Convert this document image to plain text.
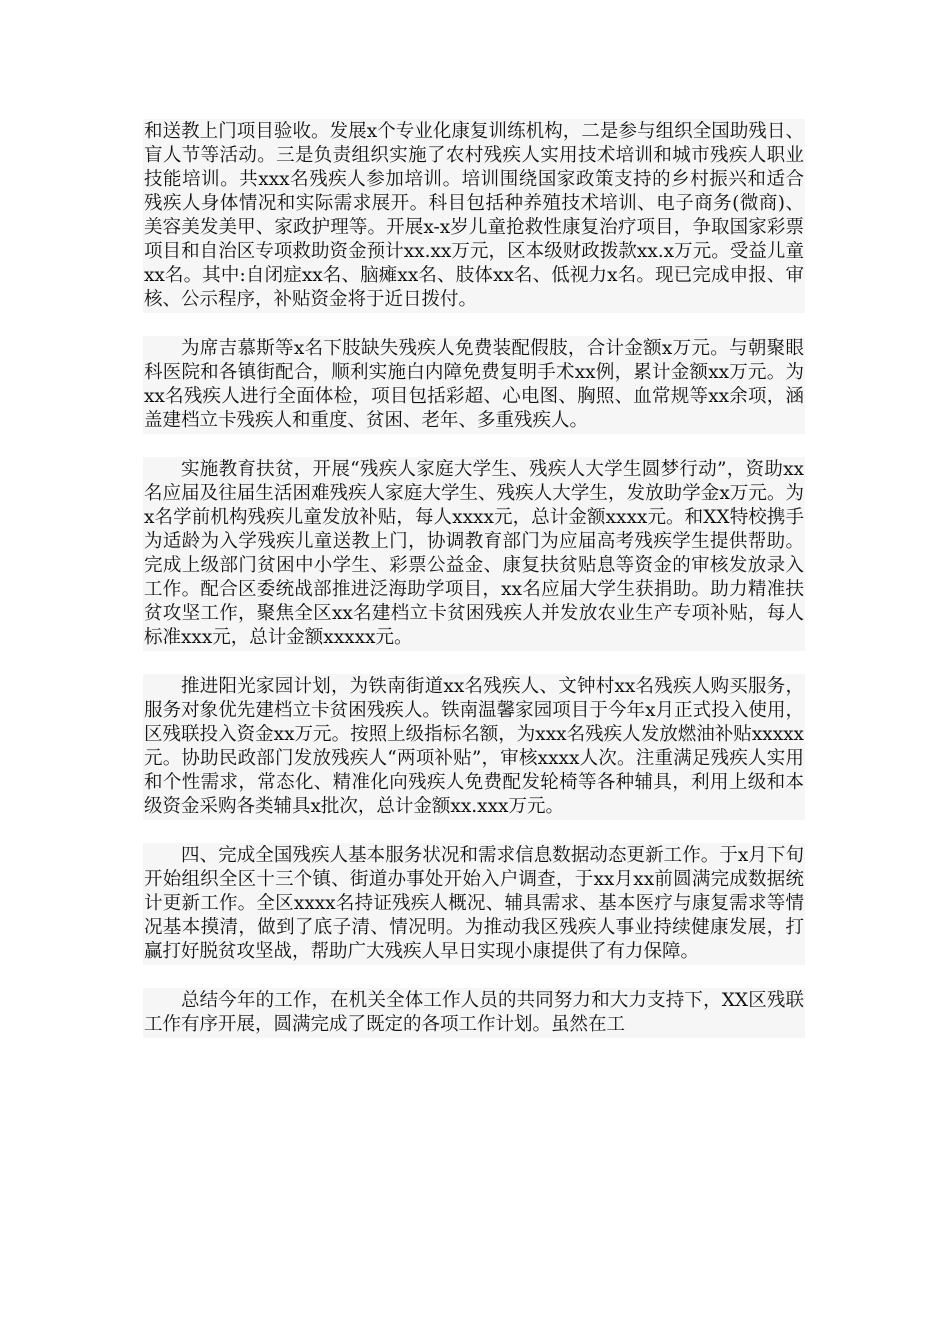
和送教上门项目验收。发展x个专业化康复训练机构，二是参与组织全国助残日、盲人节等活动。三是负责组织实施了农村残疾人实用技术培训和城市残疾人职业技能培训。共xxx名残疾人参加培训。培训围绕国家政策支持的乡村振兴和适合残疾人身体情况和实际需求展开。科目包括种养殖技术培训、电子商务(微商)、美容美发美甲、家政护理等。开展x-x岁儿童抢救性康复治疗项目，争取国家彩票项目和自治区专项救助资金预计xx.xx万元，区本级财政拨款xx.x万元。受益儿童xx名。其中:自闭症xx名、脑瘫xx名、肢体xx名、低视力x名。现已完成申报、审核、公示程序，补贴资金将于近日拨付。

为席吉慕斯等x名下肢缺失残疾人免费装配假肢，合计金额x万元。与朝聚眼科医院和各镇街配合，顺利实施白内障免费复明手术xx例，累计金额xx万元。为xx名残疾人进行全面体检，项目包括彩超、心电图、胸照、血常规等xx余项，涵盖建档立卡残疾人和重度、贫困、老年、多重残疾人。

实施教育扶贫，开展“残疾人家庭大学生、残疾人大学生圆梦行动”，资助xx名应届及往届生活困难残疾人家庭大学生、残疾人大学生，发放助学金x万元。为x名学前机构残疾儿童发放补贴，每人xxxx元，总计金额xxxx元。和XX特校携手为适龄为入学残疾儿童送教上门，协调教育部门为应届高考残疾学生提供帮助。完成上级部门贫困中小学生、彩票公益金、康复扶贫贴息等资金的审核发放录入工作。配合区委统战部推进泛海助学项目，xx名应届大学生获捐助。助力精准扶贫攻坚工作，聚焦全区xx名建档立卡贫困残疾人并发放农业生产专项补贴，每人标准xxx元，总计金额xxxxx元。

推进阳光家园计划，为铁南街道xx名残疾人、文钟村xx名残疾人购买服务，服务对象优先建档立卡贫困残疾人。铁南温馨家园项目于今年x月正式投入使用，区残联投入资金xx万元。按照上级指标名额，为xxx名残疾人发放燃油补贴xxxxx元。协助民政部门发放残疾人“两项补贴”，审核xxxx人次。注重满足残疾人实用和个性需求，常态化、精准化向残疾人免费配发轮椅等各种辅具，利用上级和本级资金采购各类辅具x批次，总计金额xx.xxx万元。

四、完成全国残疾人基本服务状况和需求信息数据动态更新工作。于x月下旬开始组织全区十三个镇、街道办事处开始入户调查，于xx月xx前圆满完成数据统计更新工作。全区xxxx名持证残疾人概况、辅具需求、基本医疗与康复需求等情况基本摸清，做到了底子清、情况明。为推动我区残疾人事业持续健康发展，打赢打好脱贫攻坚战，帮助广大残疾人早日实现小康提供了有力保障。

总结今年的工作，在机关全体工作人员的共同努力和大力支持下，XX区残联工作有序开展，圆满完成了既定的各项工作计划。虽然在工
